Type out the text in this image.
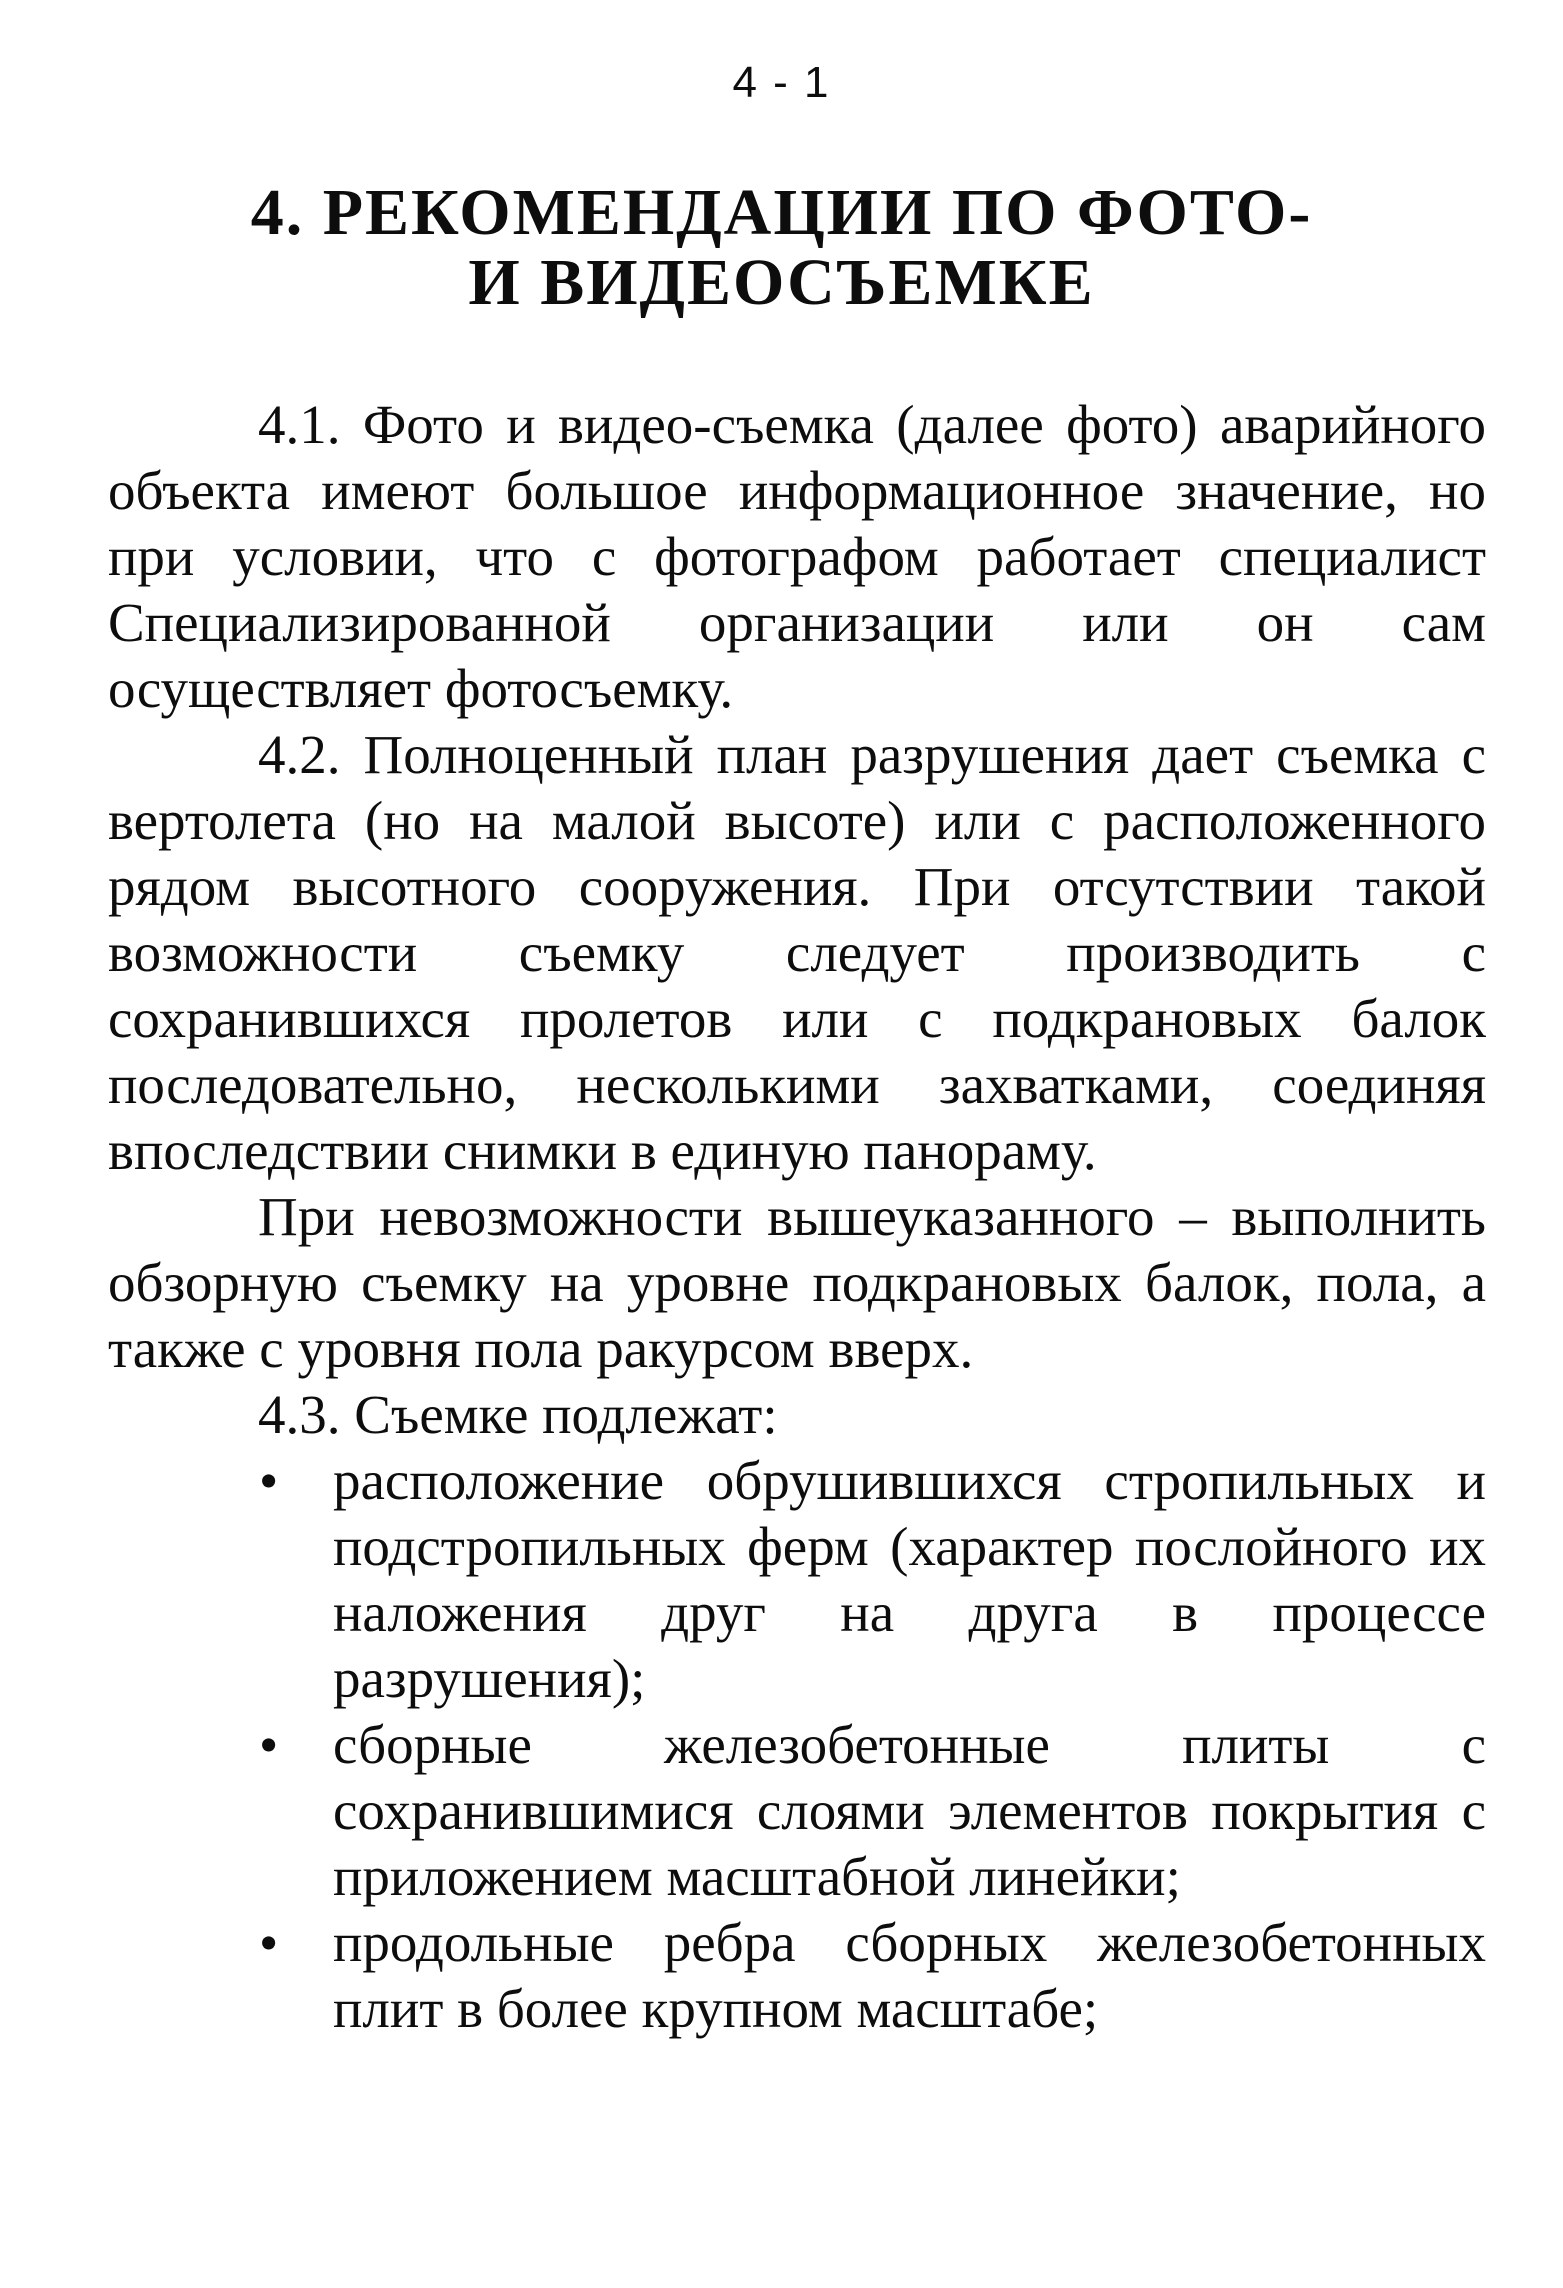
4 - 1
4. РЕКОМЕНДАЦИИ ПО ФОТО-
И ВИДЕОСЪЕМКЕ

4.1. Фото и видео-съемка (далее фото) аварийного объекта имеют большое информационное значение, но при условии, что с фотографом работает специалист Специализированной организации или он сам осуществляет фотосъемку.

4.2. Полноценный план разрушения дает съемка с вертолета (но на малой высоте) или с расположенного рядом высотного сооружения. При отсутствии такой возможности съемку следует производить с сохранившихся пролетов или с подкрановых балок последовательно, несколькими захватками, соединяя впоследствии снимки в единую панораму.

При невозможности вышеуказанного – выполнить обзорную съемку на уровне подкрановых балок, пола, а также с уровня пола ракурсом вверх.

4.3. Съемке подлежат:

• расположение обрушившихся стропильных и подстропильных ферм (характер послойного их наложения друг на друга в процессе разрушения);
• сборные железобетонные плиты с сохранившимися слоями элементов покрытия с приложением масштабной линейки;
• продольные ребра сборных железобетонных плит в более крупном масштабе;
